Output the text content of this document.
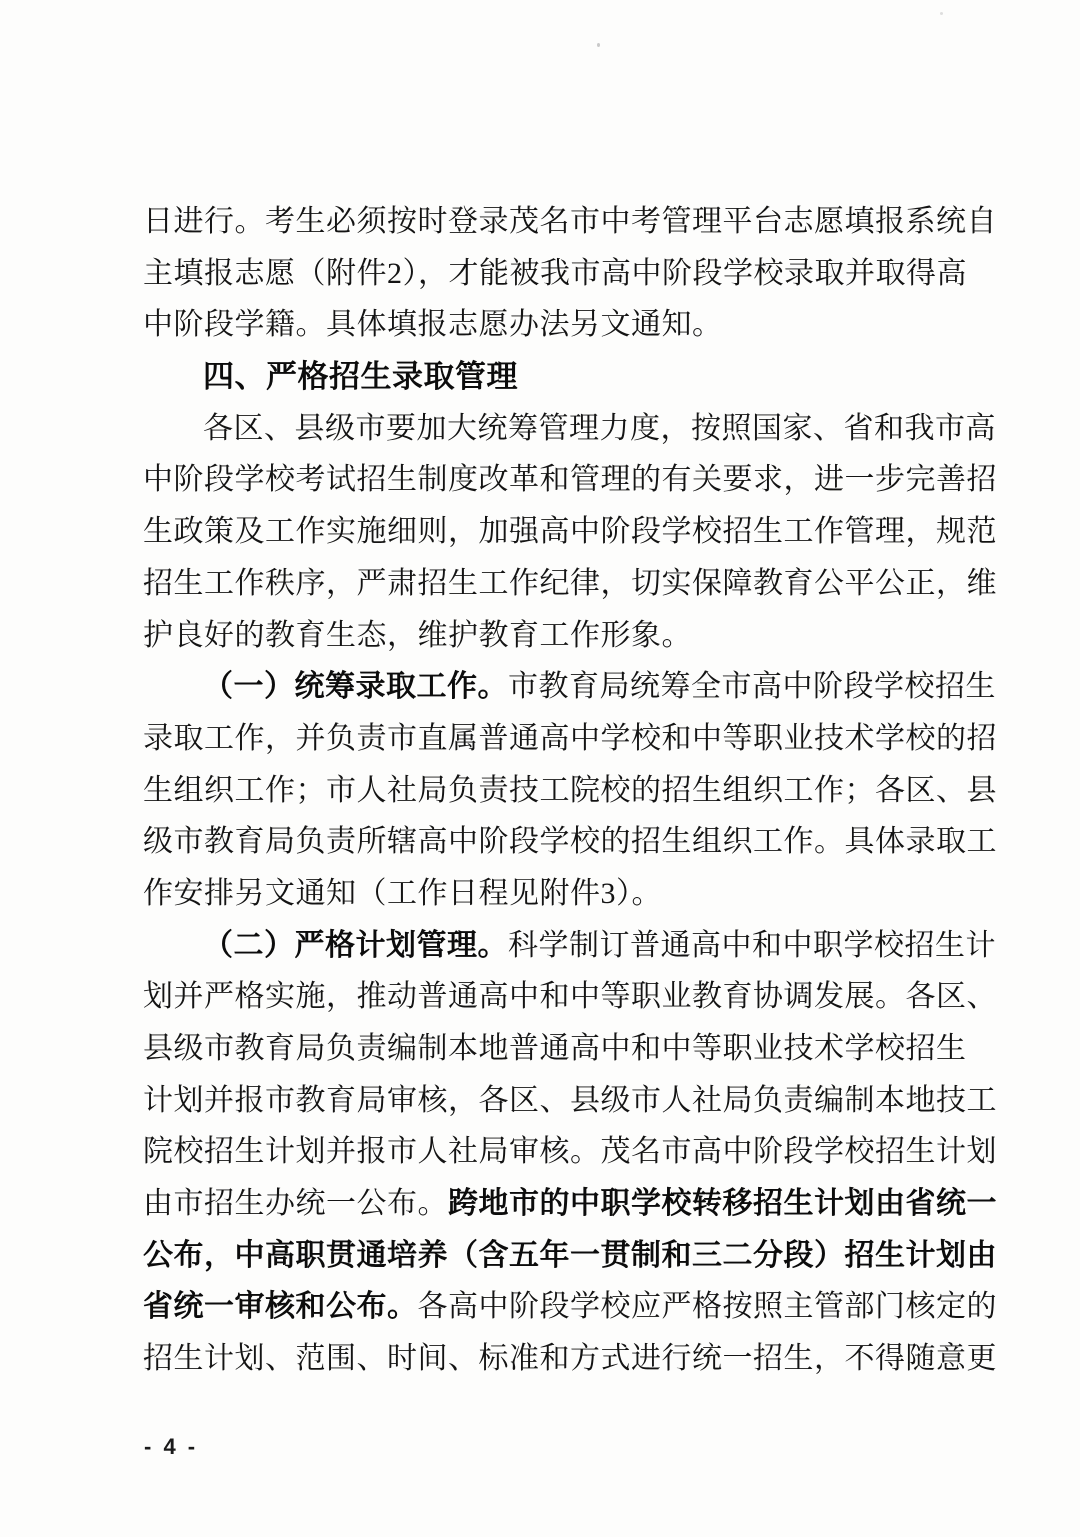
日进行。考生必须按时登录茂名市中考管理平台志愿填报系统自
主填报志愿（附件2），才能被我市高中阶段学校录取并取得高
中阶段学籍。具体填报志愿办法另文通知。
四、严格招生录取管理
各区、县级市要加大统筹管理力度，按照国家、省和我市高
中阶段学校考试招生制度改革和管理的有关要求，进一步完善招
生政策及工作实施细则，加强高中阶段学校招生工作管理，规范
招生工作秩序，严肃招生工作纪律，切实保障教育公平公正，维
护良好的教育生态，维护教育工作形象。
（一）统筹录取工作。市教育局统筹全市高中阶段学校招生
录取工作，并负责市直属普通高中学校和中等职业技术学校的招
生组织工作；市人社局负责技工院校的招生组织工作；各区、县
级市教育局负责所辖高中阶段学校的招生组织工作。具体录取工
作安排另文通知（工作日程见附件3）。
（二）严格计划管理。科学制订普通高中和中职学校招生计
划并严格实施，推动普通高中和中等职业教育协调发展。各区、
县级市教育局负责编制本地普通高中和中等职业技术学校招生
计划并报市教育局审核，各区、县级市人社局负责编制本地技工
院校招生计划并报市人社局审核。茂名市高中阶段学校招生计划
由市招生办统一公布。跨地市的中职学校转移招生计划由省统一
公布，中高职贯通培养（含五年一贯制和三二分段）招生计划由
省统一审核和公布。各高中阶段学校应严格按照主管部门核定的
招生计划、范围、时间、标准和方式进行统一招生，不得随意更
- 4 -
